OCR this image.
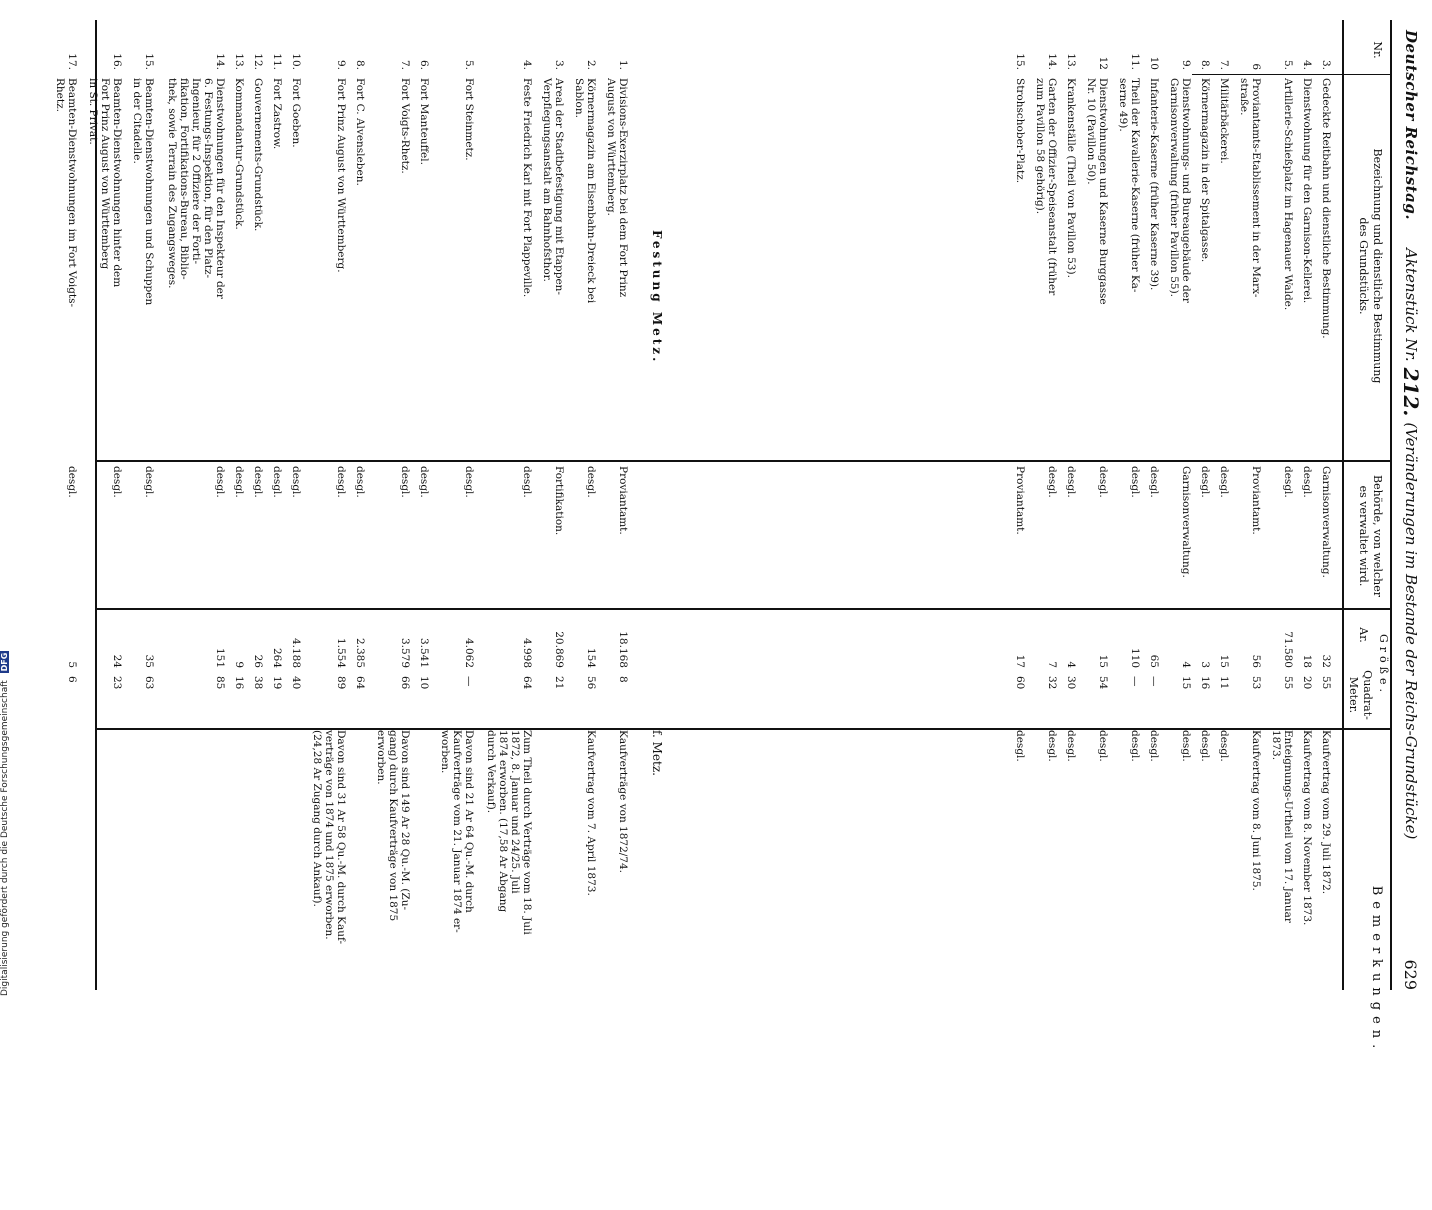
Deutscher Reichstag.
Aktenstück Nr.
212.
(Veränderungen im Bestande der Reichs-Grundstücke)
629
Nr.
Bezeichnung und dienstliche Bestimmung
des Grundstücks.
Behörde, von welcher
es verwaltet wird.
Größe.
Ar.
Quadrat-
Meter.
Bemerkungen.
3.
Gedeckte Reitbahn und dienstliche Bestimmung.
Garnisonverwaltung.
32
55
Kaufvertrag vom 29. Juli 1872.
4.
Dienstwohnung für den Garnison-Kellerei.
desgl.
18
20
Kaufvertrag vom 8. November 1873.
5.
Artillerie-Schießplatz im Hagenauer Walde.
desgl.
71.580
55
Enteignungs-Urtheil vom 17. Januar
1873.
6
Proviantamts-Etablissement in der Marx-
straße.
Proviantamt.
56
53
Kaufvertrag vom 8. Juni 1875.
7.
Militärbäckerei.
desgl.
15
11
desgl.
8.
Körnermagazin in der Spitalgasse.
desgl.
3
16
desgl.
9.
Dienstwohnungs- und Bureaugebäude der
Garnisonverwaltung (früher Pavillon 55).
Garnisonverwaltung.
4
15
desgl.
10
Infanterie-Kaserne (früher Kaserne 39).
desgl.
65
—
desgl.
11.
Theil der Kavallerie-Kaserne (früher Ka-
serne 49).
desgl.
110
—
desgl.
12
Dienstwohnungen und Kaserne Burggasse
Nr. 10 (Pavillon 50).
desgl.
15
54
desgl.
13.
Krankenställe (Theil von Pavillon 53).
desgl.
4
30
desgl.
14.
Garten der Offizier-Speiseanstalt (früher
zum Pavillon 58 gehörig).
desgl.
7
32
desgl.
15.
Strohschober-Platz.
Proviantamt.
17
60
desgl.
Festung Metz.
f. Metz.
1.
Divisions-Exerzirplatz bei dem Fort Prinz
August von Württemberg.
Proviantamt.
18.168
8
Kaufverträge von 1872/74.
2.
Körnermagazin am Eisenbahn-Dreieck bei
Sablon.
desgl.
154
56
Kaufvertrag vom 7. April 1873.
3.
Areal der Stadtbefestigung mit Etappen-
Verpflegungsanstalt am Bahnhofsthor.
Fortifikation.
20.869
21
4.
Feste Friedrich Karl mit Fort Plappeville.
desgl.
4.998
64
Zum Theil durch Verträge vom 18. Juli
1872, 8. Januar und 24/25. Juli
1874 erworben. (17,58 Ar Abgang
durch Verkauf).
5.
Fort Steinmetz.
desgl.
4.062
—
Davon sind 21 Ar 64 Qu.-M. durch
Kaufverträge vom 21. Januar 1874 er-
worben.
6.
Fort Manteuffel.
desgl.
3.541
10
7.
Fort Voigts-Rhetz.
desgl.
3.579
66
Davon sind 149 Ar 28 Qu.-M. (Zu-
gang) durch Kaufverträge von 1875
erworben.
8.
Fort C. Alvensleben.
desgl.
2.385
64
9.
Fort Prinz August von Württemberg.
desgl.
1.554
89
Davon sind 31 Ar 58 Qu.-M. durch Kauf-
verträge von 1874 und 1875 erworben.
(24,28 Ar Zugang durch Ankauf).
10.
Fort Goeben.
desgl.
4.188
40
11.
Fort Zastrow.
desgl.
264
19
12.
Gouvernements-Grundstück.
desgl.
26
38
13.
Kommandantur-Grundstück.
desgl.
9
16
14.
Dienstwohnungen für den Inspekteur der
6. Festungs-Inspektion, für den Platz-
Ingenieur, für 2 Offiziere der Forti-
fikation, Fortifikations-Bureau, Biblio-
thek, sowie Terrain des Zugangsweges.
desgl.
151
85
15.
Beamten-Dienstwohnungen und Schuppen
in der Citadelle.
desgl.
35
63
16.
Beamten-Dienstwohnungen hinter dem
Fort Prinz August von Württemberg
in St. Privat.
desgl.
24
23
17.
Beamten-Dienstwohnungen im Fort Voigts-
Rhetz.
desgl.
5
6
Digitalisierung gefördert durch die Deutsche Forschungsgemeinschaft DFG
